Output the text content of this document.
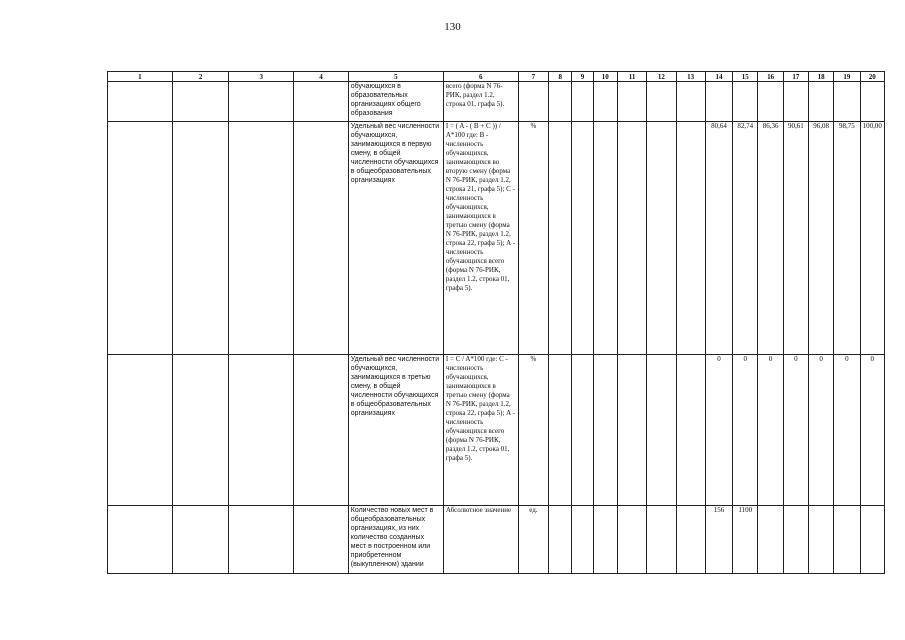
130
1	2	3	4	5	6	7	8	9	10	11	12	13	14	15	16	17	18	19	20
				обучающихся в образовательных организациях общего образования	всего (форма N 76-РИК, раздел 1.2, строка 01, графа 5).														
				Удельный вес численности обучающихся, занимающихся в первую смену, в общей численности обучающихся в общеобразовательных организациях	I = ( A - ( B + C )) / A*100 где: B - численность обучающихся, занимающихся во вторую смену (форма N 76-РИК, раздел 1.2, строка 21, графа 5); C - численность обучающихся, занимающихся в третью смену (форма N 76-РИК, раздел 1.2, строка 22, графа 5); A - численность обучающихся всего (форма N 76-РИК, раздел 1.2, строка 01, графа 5).	%							80,64	82,74	86,36	90,61	96,08	98,75	100,00
				Удельный вес численности обучающихся, занимающихся в третью смену, в общей численности обучающихся в общеобразовательных организациях	I = C / A*100 где: C - численность обучающихся, занимающихся в третью смену (форма N 76-РИК, раздел 1.2, строка 22, графа 5); A - численность обучающихся всего (форма N 76-РИК, раздел 1.2, строка 01, графа 5).	%							0	0	0	0	0	0	0
				Количество новых мест в общеобразовательных организациях, из них количество созданных мест в построенном или приобретенном (выкупленном) здании	Абсолютное значение	ед.							156	1100					
